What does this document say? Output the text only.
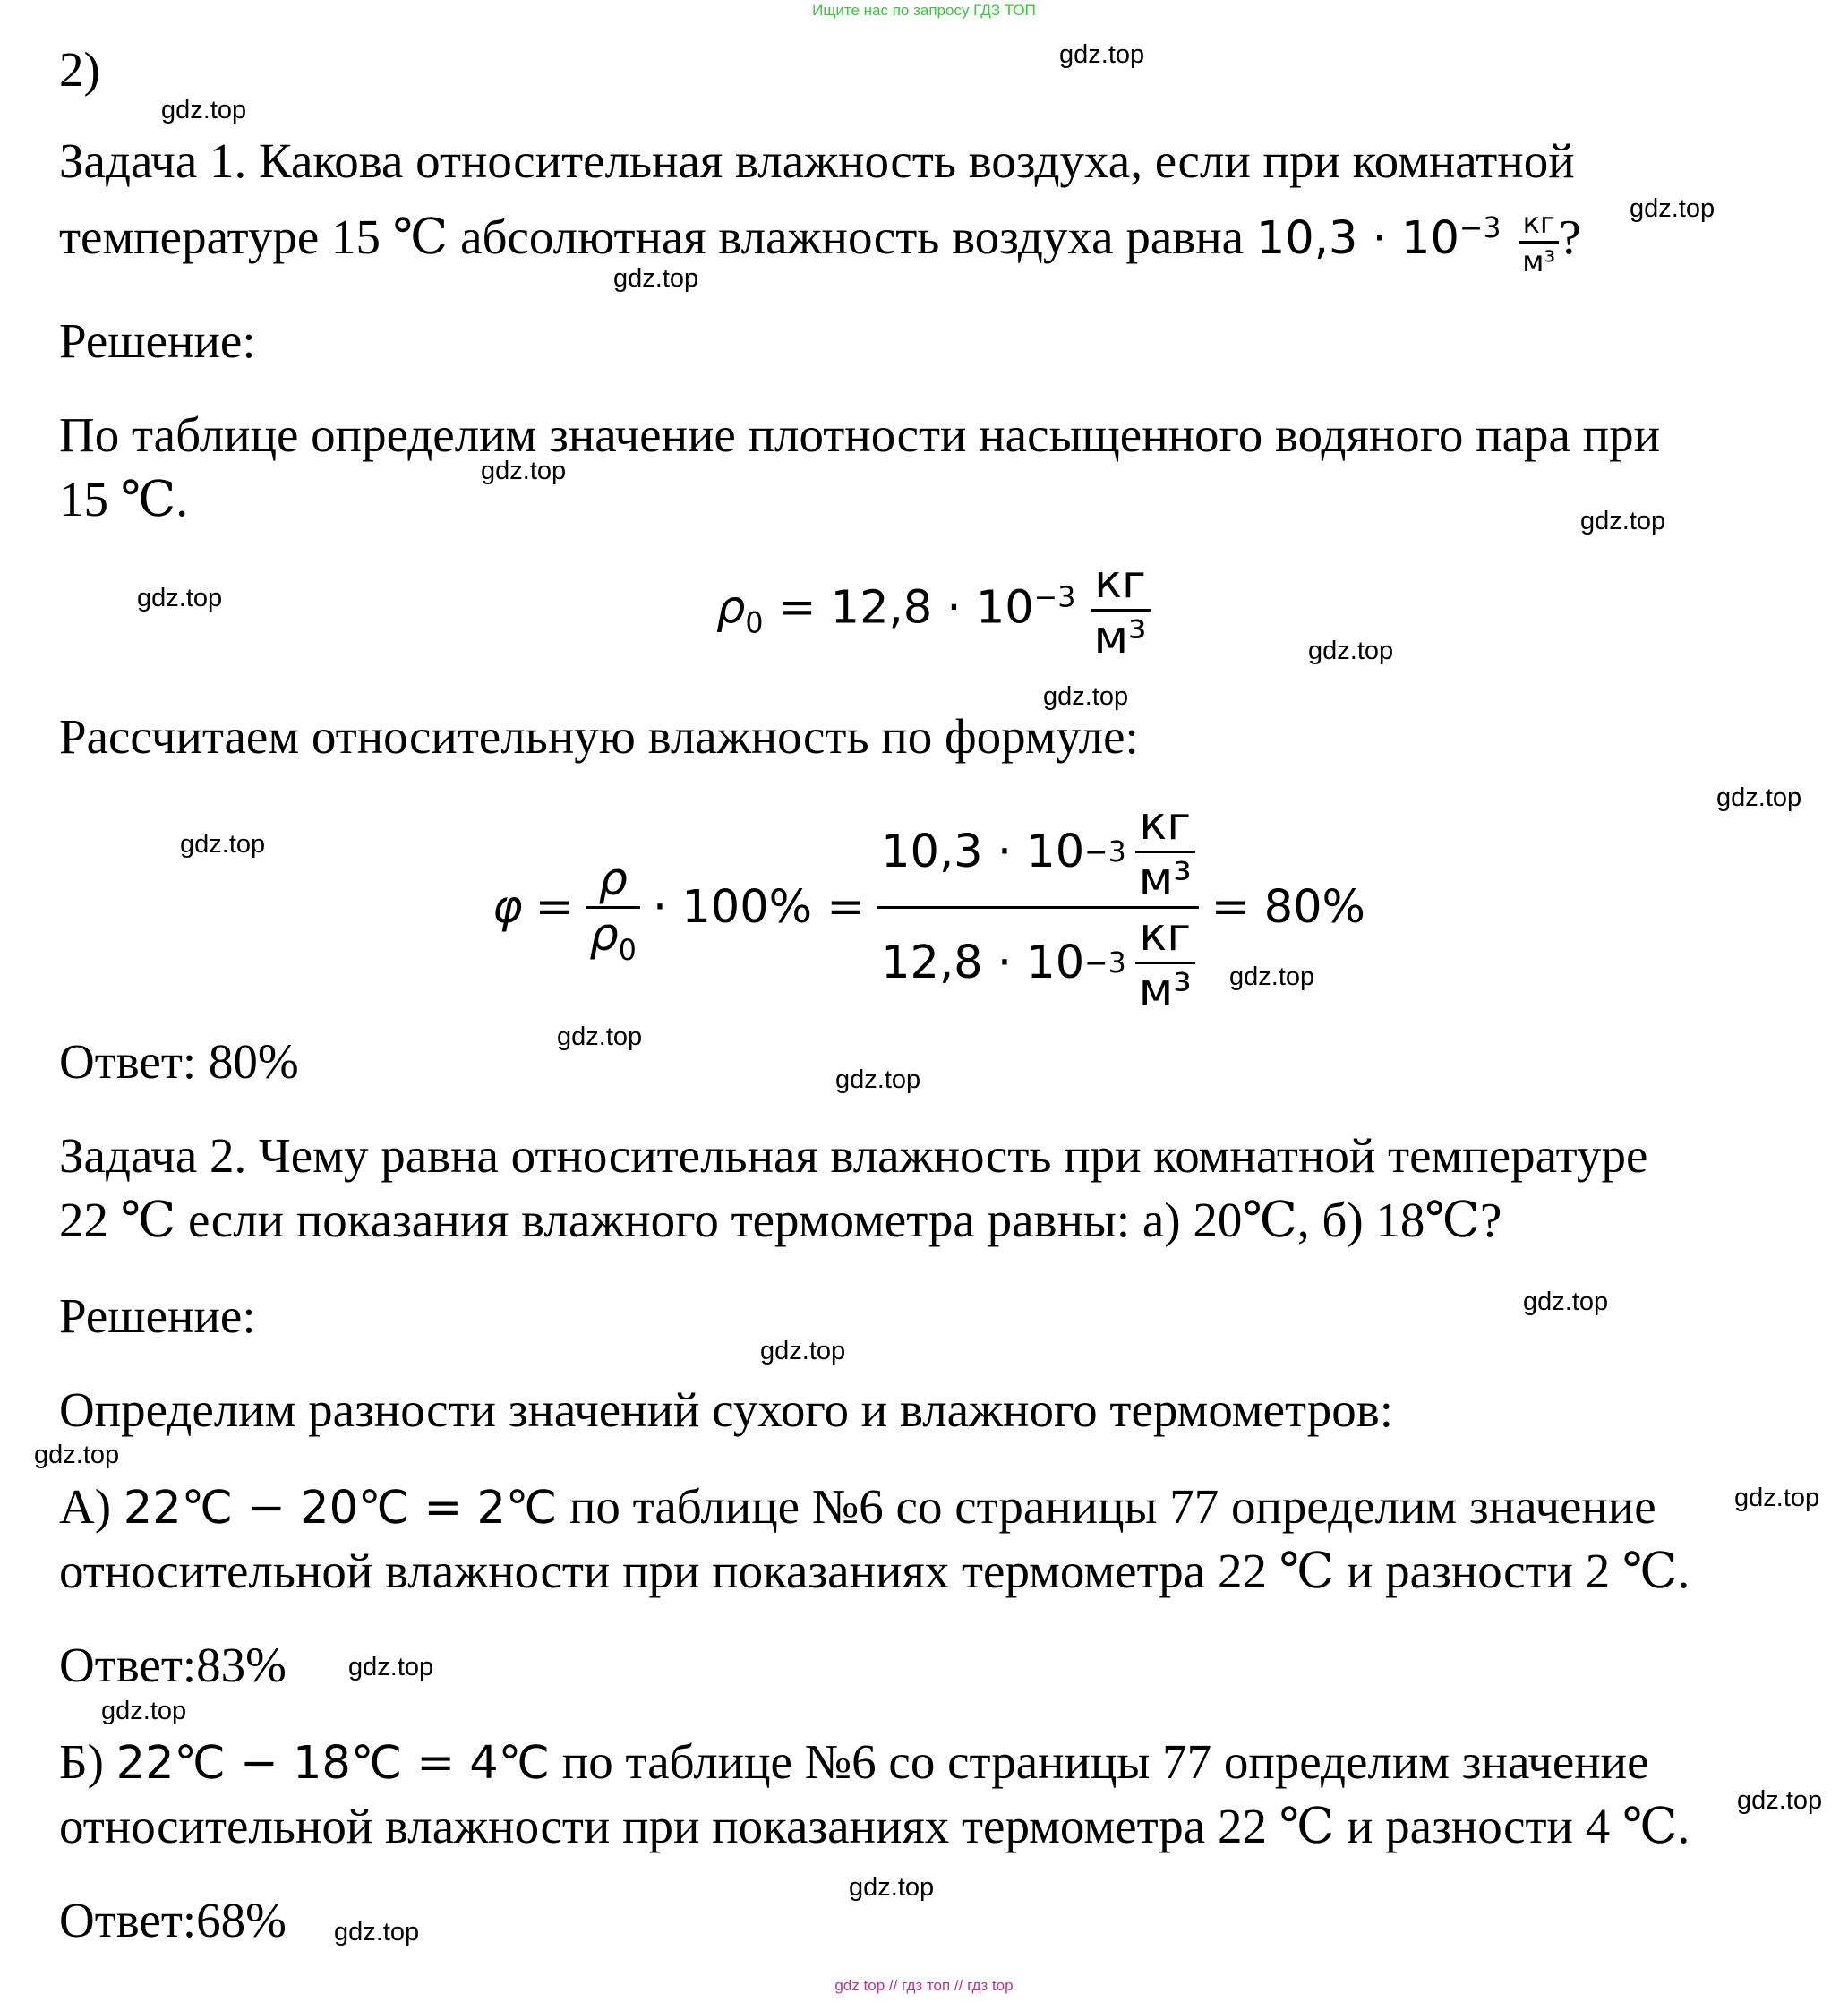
Ищите нас по запросу ГДЗ ТОП
2)
Задача 1. Какова относительная влажность воздуха, если при комнатной
температуре 15 ℃ абсолютная влажность воздуха равна $10,3 \cdot 10^{-3} \frac{кг}{\text{м³}}$ ?
Решение:
По таблице определим значение плотности насыщенного водяного пара при
15 ℃.
$\rho_0 = 12,8 \cdot 10^{-3} \frac{кг}{\text{м³}}$
Рассчитаем относительную влажность по формуле:
$\varphi = \frac{\rho}{\rho_0} \cdot 100\% = \frac{10,3 \cdot 10 -3 \frac{кг}{\text{м³}}}{12,8 \cdot 10 -3 \frac{кг}{\text{м³}}} = 80\%$
Ответ: 80%
Задача 2. Чему равна относительная влажность при комнатной температуре
22 ℃ если показания влажного термометра равны: а) 20℃, б) 18℃?
Решение:
Определим разности значений сухого и влажного термометров:
А) 22℃ − 20℃ = 2℃ по таблице №6 со страницы 77 определим значение
относительной влажности при показаниях термометра 22 ℃ и разности 2 ℃.
Ответ:83%
Б) 22℃ − 18℃ = 4℃ по таблице №6 со страницы 77 определим значение
относительной влажности при показаниях термометра 22 ℃ и разности 4 ℃.
Ответ:68%
gdz.top
gdz.top
gdz.top
gdz.top
gdz.top
gdz.top
gdz.top
gdz.top
gdz.top
gdz.top
gdz.top
gdz.top
gdz.top
gdz.top
gdz.top
gdz.top
gdz.top
gdz.top
gdz.top
gdz.top
gdz.top
gdz.top
gdz.top
gdz top // гдз топ // гдз top
